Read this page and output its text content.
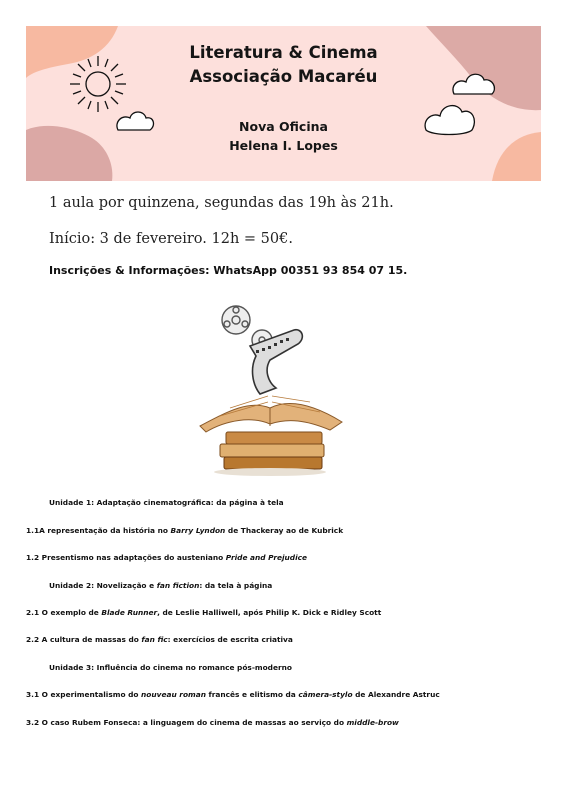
Literatura & Cinema
Associação Macaréu
Nova Oficina
Helena I. Lopes
1 aula por quinzena, segundas das 19h às 21h.
Início: 3 de fevereiro. 12h = 50€.
Inscrições & Informações: WhatsApp 00351 93 854 07 15.
Unidade 1: Adaptação cinematográfica: da página à tela
1.1A representação da história no Barry Lyndon de Thackeray ao de Kubrick
1.2 Presentismo nas adaptações do austeniano Pride and Prejudice
Unidade 2: Novelização e fan fiction: da tela à página
2.1 O exemplo de Blade Runner, de Leslie Halliwell, após Philip K. Dick e Ridley Scott
2.2 A cultura de massas do fan fic: exercícios de escrita criativa
Unidade 3: Influência do cinema no romance pós-moderno
3.1 O experimentalismo do nouveau roman francês e elitismo da câmera-stylo de Alexandre Astruc
3.2 O caso Rubem Fonseca: a linguagem do cinema de massas ao serviço do middle-brow
